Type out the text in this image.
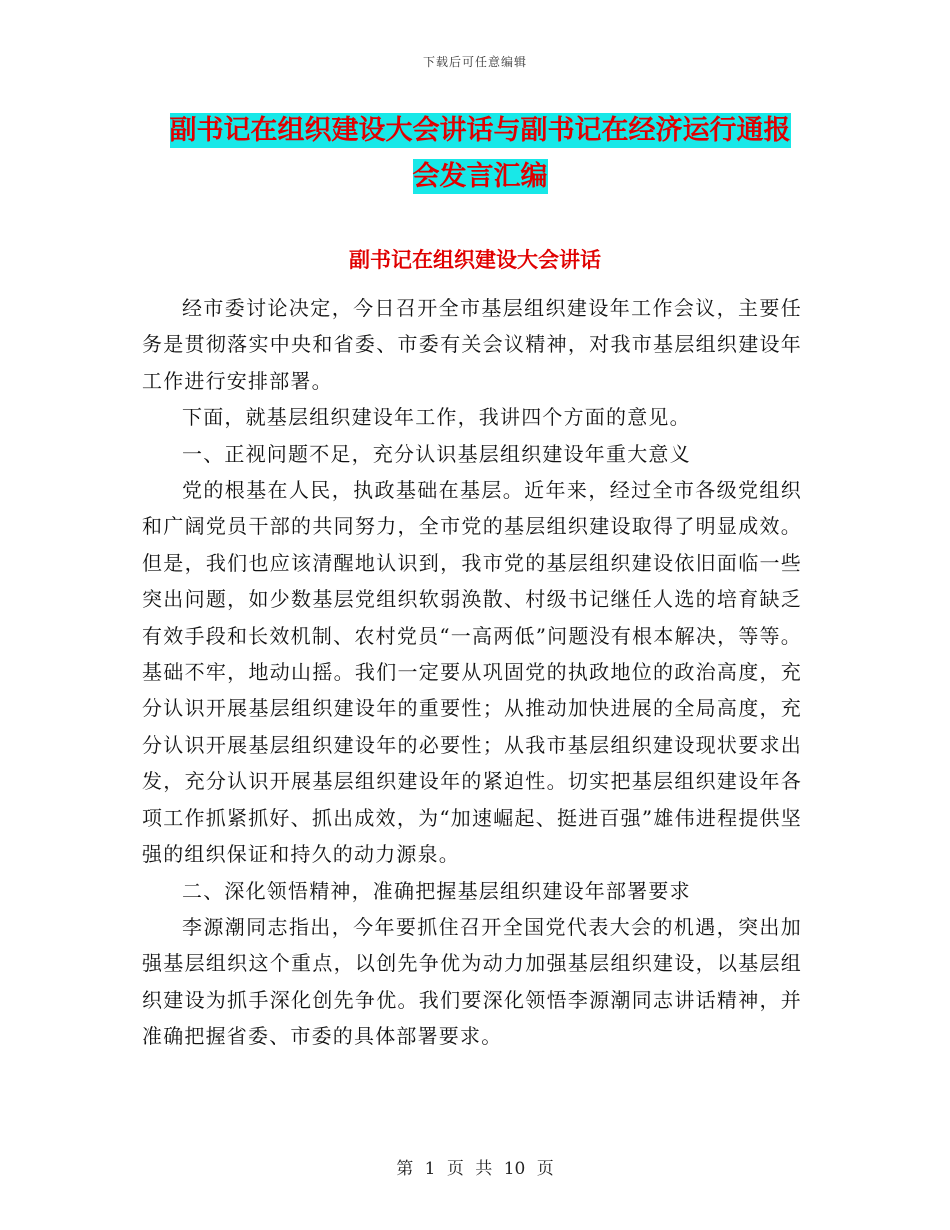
下载后可任意编辑
副书记在组织建设大会讲话与副书记在经济运行通报
会发言汇编
副书记在组织建设大会讲话

经市委讨论决定，今日召开全市基层组织建设年工作会议，主要任务是贯彻落实中央和省委、市委有关会议精神，对我市基层组织建设年工作进行安排部署。

下面，就基层组织建设年工作，我讲四个方面的意见。

一、正视问题不足，充分认识基层组织建设年重大意义

党的根基在人民，执政基础在基层。近年来，经过全市各级党组织和广阔党员干部的共同努力，全市党的基层组织建设取得了明显成效。但是，我们也应该清醒地认识到，我市党的基层组织建设依旧面临一些突出问题，如少数基层党组织软弱涣散、村级书记继任人选的培育缺乏有效手段和长效机制、农村党员“一高两低”问题没有根本解决，等等。基础不牢，地动山摇。我们一定要从巩固党的执政地位的政治高度，充分认识开展基层组织建设年的重要性；从推动加快进展的全局高度，充分认识开展基层组织建设年的必要性；从我市基层组织建设现状要求出发，充分认识开展基层组织建设年的紧迫性。切实把基层组织建设年各项工作抓紧抓好、抓出成效，为“加速崛起、挺进百强”雄伟进程提供坚强的组织保证和持久的动力源泉。

二、深化领悟精神，准确把握基层组织建设年部署要求

李源潮同志指出，今年要抓住召开全国党代表大会的机遇，突出加强基层组织这个重点，以创先争优为动力加强基层组织建设，以基层组织建设为抓手深化创先争优。我们要深化领悟李源潮同志讲话精神，并准确把握省委、市委的具体部署要求。

第 1 页 共 10 页
